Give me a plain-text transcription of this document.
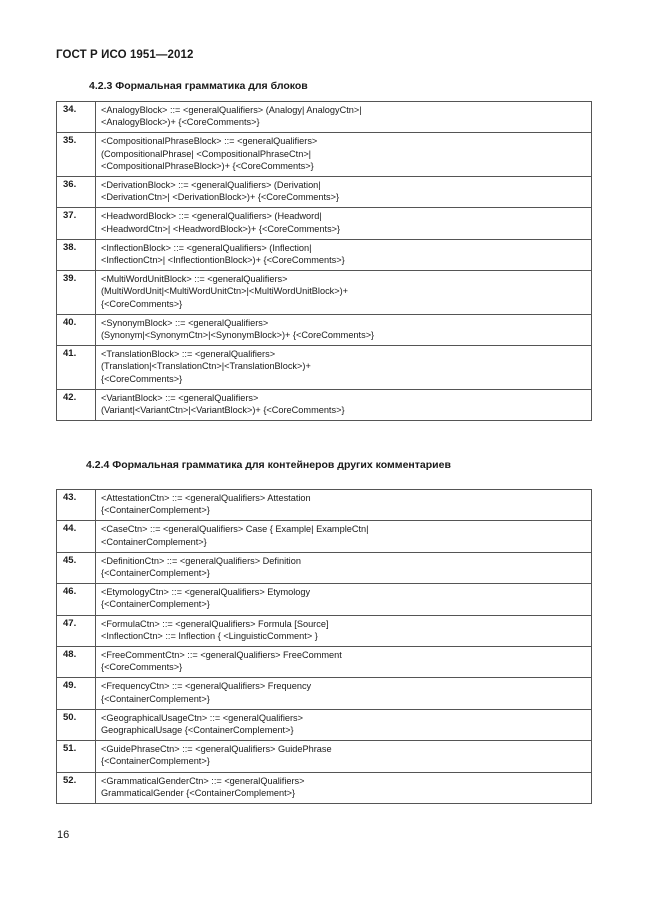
ГОСТ Р ИСО 1951—2012
4.2.3 Формальная грамматика для блоков
34.	<AnalogyBlock> ::= <generalQualifiers> (Analogy| AnalogyCtn>|
<AnalogyBlock>)+ {<CoreComments>}
35.	<CompositionalPhraseBlock> ::= <generalQualifiers>
(CompositionalPhrase| <CompositionalPhraseCtn>|
<CompositionalPhraseBlock>)+ {<CoreComments>}
36.	<DerivationBlock> ::= <generalQualifiers> (Derivation|
<DerivationCtn>| <DerivationBlock>)+ {<CoreComments>}
37.	<HeadwordBlock> ::= <generalQualifiers> (Headword|
<HeadwordCtn>| <HeadwordBlock>)+ {<CoreComments>}
38.	<InflectionBlock> ::= <generalQualifiers> (Inflection|
<InflectionCtn>| <InflectiontionBlock>)+ {<CoreComments>}
39.	<MultiWordUnitBlock> ::= <generalQualifiers>
(MultiWordUnit|<MultiWordUnitCtn>|<MultiWordUnitBlock>)+
{<CoreComments>}
40.	<SynonymBlock> ::= <generalQualifiers>
(Synonym|<SynonymCtn>|<SynonymBlock>)+ {<CoreComments>}
41.	<TranslationBlock> ::= <generalQualifiers>
(Translation|<TranslationCtn>|<TranslationBlock>)+
{<CoreComments>}
42.	<VariantBlock> ::= <generalQualifiers>
(Variant|<VariantCtn>|<VariantBlock>)+ {<CoreComments>}
4.2.4 Формальная грамматика для контейнеров других комментариев
43.	<AttestationCtn> ::= <generalQualifiers> Attestation
{<ContainerComplement>}
44.	<CaseCtn> ::= <generalQualifiers> Case { Example| ExampleCtn|
<ContainerComplement>}
45.	<DefinitionCtn> ::= <generalQualifiers> Definition
{<ContainerComplement>}
46.	<EtymologyCtn> ::= <generalQualifiers> Etymology
{<ContainerComplement>}
47.	<FormulaCtn> ::= <generalQualifiers> Formula [Source]
<InflectionCtn> ::= Inflection { <LinguisticComment> }
48.	<FreeCommentCtn> ::= <generalQualifiers> FreeComment
{<CoreComments>}
49.	<FrequencyCtn> ::= <generalQualifiers> Frequency
{<ContainerComplement>}
50.	<GeographicalUsageCtn> ::= <generalQualifiers>
GeographicalUsage {<ContainerComplement>}
51.	<GuidePhraseCtn> ::= <generalQualifiers> GuidePhrase
{<ContainerComplement>}
52.	<GrammaticalGenderCtn> ::= <generalQualifiers>
GrammaticalGender {<ContainerComplement>}
16
